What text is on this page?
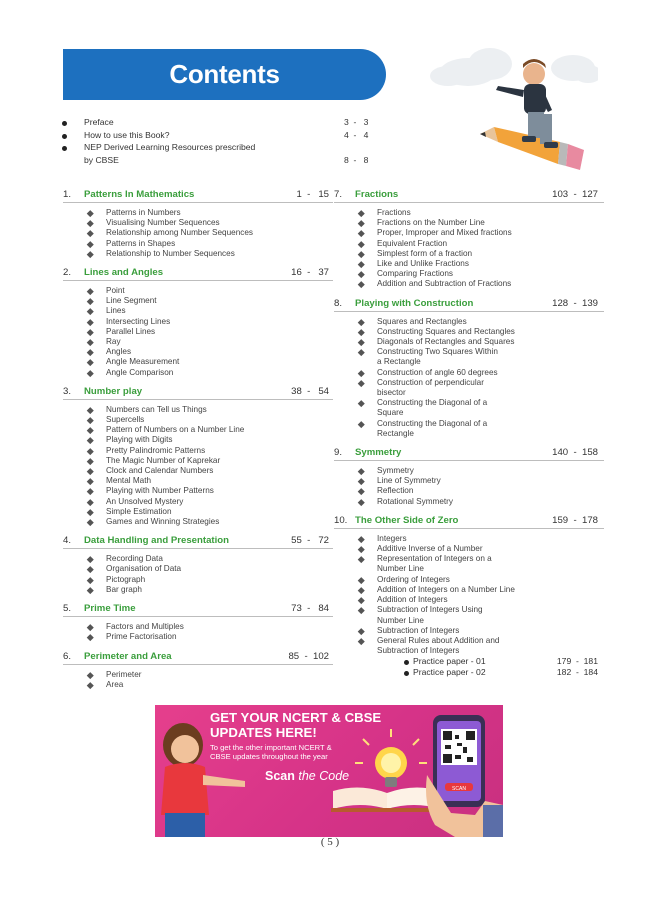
Contents
Preface	3  -   3
How to use this Book?	4  -   4
NEP Derived Learning Resources prescribed
by CBSE	8  -   8
1. Patterns In Mathematics	1  -   15
Patterns in Numbers
Visualising Number Sequences
Relationship among Number Sequences
Patterns in Shapes
Relationship to Number Sequences
2. Lines and Angles	16  -   37
Point
Line Segment
Lines
Intersecting Lines
Parallel Lines
Ray
Angles
Angle Measurement
Angle Comparison
3. Number play	38  -   54
Numbers can Tell us Things
Supercells
Pattern of Numbers on a Number Line
Playing with Digits
Pretty Palindromic Patterns
The Magic Number of Kaprekar
Clock and Calendar Numbers
Mental Math
Playing with Number Patterns
An Unsolved Mystery
Simple Estimation
Games and Winning Strategies
4. Data Handling and Presentation	55  -   72
Recording Data
Organisation of Data
Pictograph
Bar graph
5. Prime Time	73  -   84
Factors and Multiples
Prime Factorisation
6. Perimeter and Area	85  -  102
Perimeter
Area
7. Fractions	103  -  127
Fractions
Fractions on the Number Line
Proper, Improper and Mixed fractions
Equivalent Fraction
Simplest form of a fraction
Like and Unlike Fractions
Comparing Fractions
Addition and Subtraction of Fractions
8. Playing with Construction	128  -  139
Squares and Rectangles
Constructing Squares and Rectangles
Diagonals of Rectangles and Squares
Constructing Two Squares Within
a Rectangle
Construction of angle 60 degrees
Construction of perpendicular
bisector
Constructing the Diagonal of a
Square
Constructing the Diagonal of a
Rectangle
9. Symmetry	140  -  158
Symmetry
Line of Symmetry
Reflection
Rotational Symmetry
10. The Other Side of Zero	159  -  178
Integers
Additive Inverse of a Number
Representation of Integers on a
Number Line
Ordering of Integers
Addition of Integers on a Number Line
Addition of Integers
Subtraction of Integers Using
Number Line
Subtraction of Integers
General Rules about Addition and
Subtraction of Integers
Practice paper - 01	179  -  181
Practice paper - 02	182  -  184
GET YOUR NCERT & CBSE
UPDATES HERE!
To get the other important NCERT & CBSE updates throughout the year
Scan the Code
SCAN
( 5 )
